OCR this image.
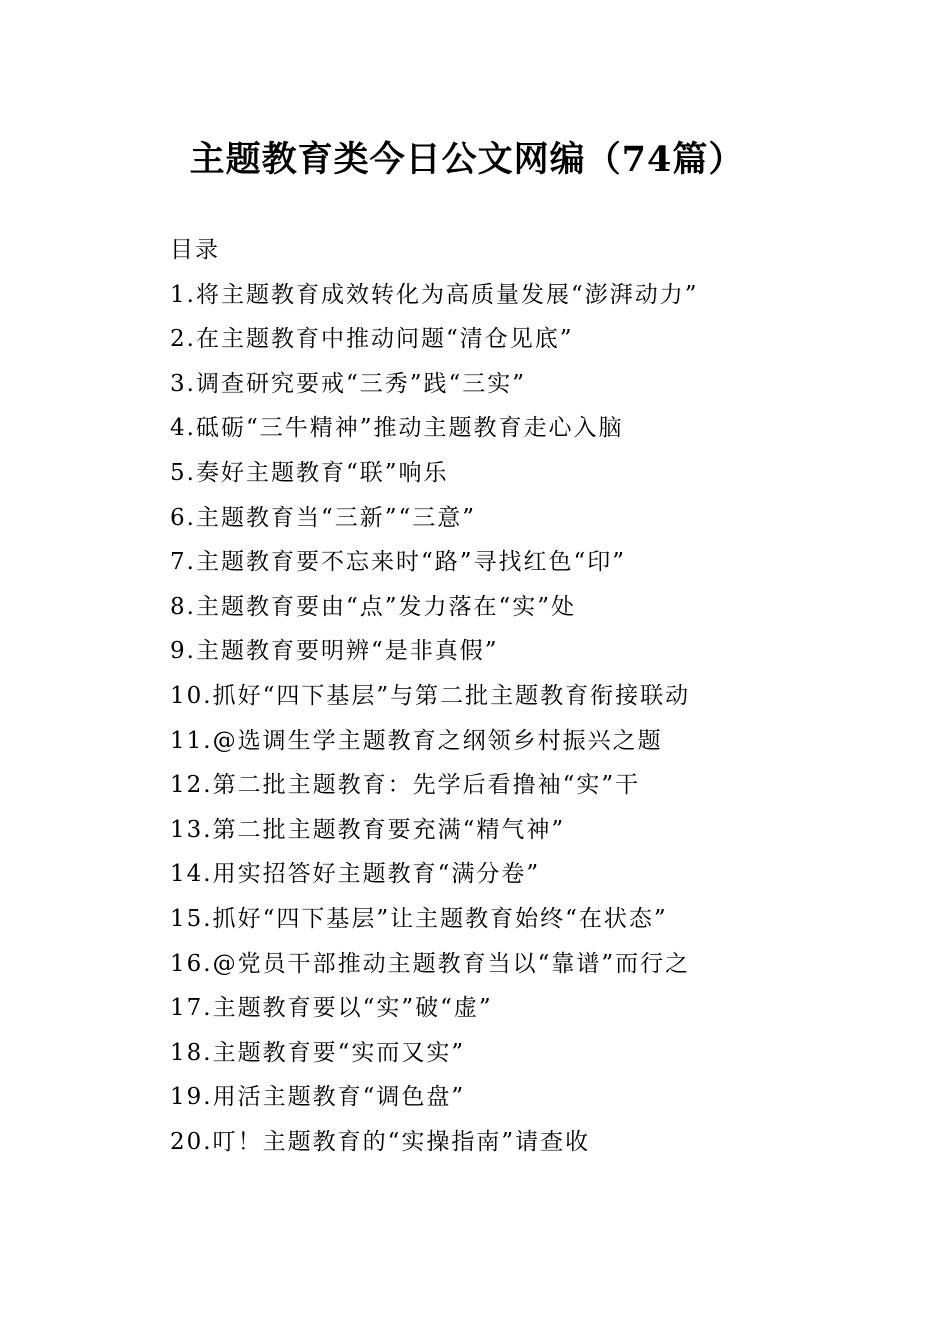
主题教育类今日公文网编（74篇）
目录
1.将主题教育成效转化为高质量发展“澎湃动力”
2.在主题教育中推动问题“清仓见底”
3.调查研究要戒“三秀”践“三实”
4.砥砺“三牛精神”推动主题教育走心入脑
5.奏好主题教育“联”响乐
6.主题教育当“三新”“三意”
7.主题教育要不忘来时“路”寻找红色“印”
8.主题教育要由“点”发力落在“实”处
9.主题教育要明辨“是非真假”
10.抓好“四下基层”与第二批主题教育衔接联动
11.@选调生学主题教育之纲领乡村振兴之题
12.第二批主题教育：先学后看撸袖“实”干
13.第二批主题教育要充满“精气神”
14.用实招答好主题教育“满分卷”
15.抓好“四下基层”让主题教育始终“在状态”
16.@党员干部推动主题教育当以“靠谱”而行之
17.主题教育要以“实”破“虚”
18.主题教育要“实而又实”
19.用活主题教育“调色盘”
20.叮！主题教育的“实操指南”请查收
